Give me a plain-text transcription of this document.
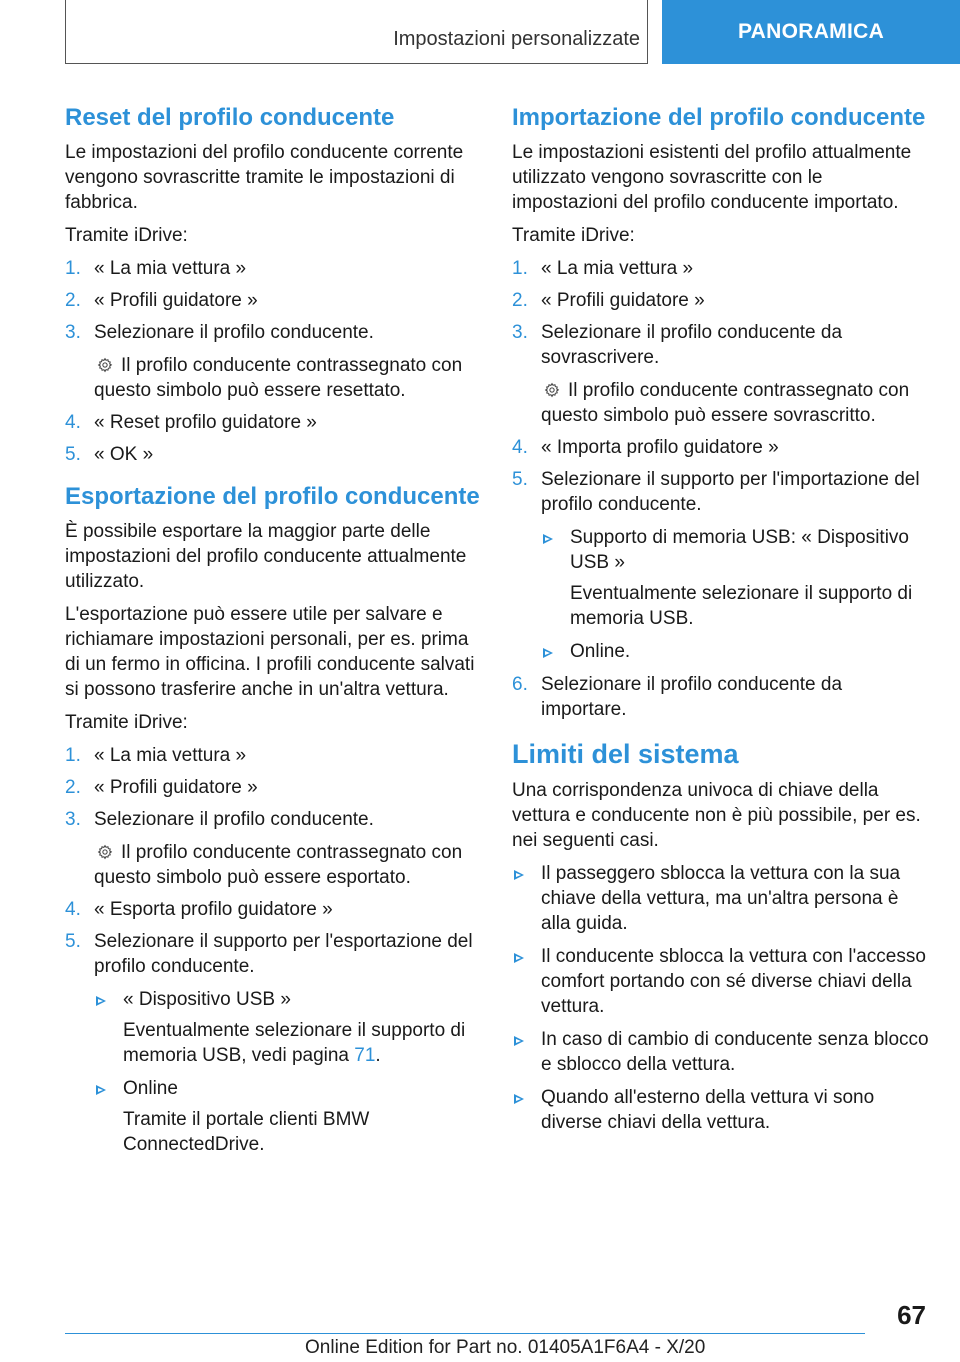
Impostazioni personalizzate	PANORAMICA
Reset del profilo conducente

Le impostazioni del profilo conducente corrente vengono sovrascritte tramite le impostazioni di fabbrica.

Tramite iDrive:

1. « La mia vettura »
2. « Profili guidatore »
3. Selezionare il profilo conducente.
Il profilo conducente contrassegnato con questo simbolo può essere resettato.
4. « Reset profilo guidatore »
5. « OK »
Esportazione del profilo conducente

È possibile esportare la maggior parte delle impostazioni del profilo conducente attualmente utilizzato.

L'esportazione può essere utile per salvare e richiamare impostazioni personali, per es. prima di un fermo in officina. I profili conducente salvati si possono trasferire anche in un'altra vettura.

Tramite iDrive:

1. « La mia vettura »
2. « Profili guidatore »
3. Selezionare il profilo conducente.
Il profilo conducente contrassegnato con questo simbolo può essere esportato.
4. « Esporta profilo guidatore »
5. Selezionare il supporto per l'esportazione del profilo conducente.
« Dispositivo USB »
Eventualmente selezionare il supporto di memoria USB, vedi pagina 71.
Online
Tramite il portale clienti BMW ConnectedDrive.
Importazione del profilo conducente

Le impostazioni esistenti del profilo attualmente utilizzato vengono sovrascritte con le impostazioni del profilo conducente importato.

Tramite iDrive:

1. « La mia vettura »
2. « Profili guidatore »
3. Selezionare il profilo conducente da sovrascrivere.
Il profilo conducente contrassegnato con questo simbolo può essere sovrascritto.
4. « Importa profilo guidatore »
5. Selezionare il supporto per l'importazione del profilo conducente.
Supporto di memoria USB: « Dispositivo USB »
Eventualmente selezionare il supporto di memoria USB.
Online.
6. Selezionare il profilo conducente da importare.
Limiti del sistema

Una corrispondenza univoca di chiave della vettura e conducente non è più possibile, per es. nei seguenti casi.

Il passeggero sblocca la vettura con la sua chiave della vettura, ma un'altra persona è alla guida.
Il conducente sblocca la vettura con l'accesso comfort portando con sé diverse chiavi della vettura.
In caso di cambio di conducente senza blocco e sblocco della vettura.
Quando all'esterno della vettura vi sono diverse chiavi della vettura.
67
Online Edition for Part no. 01405A1F6A4 - X/20
